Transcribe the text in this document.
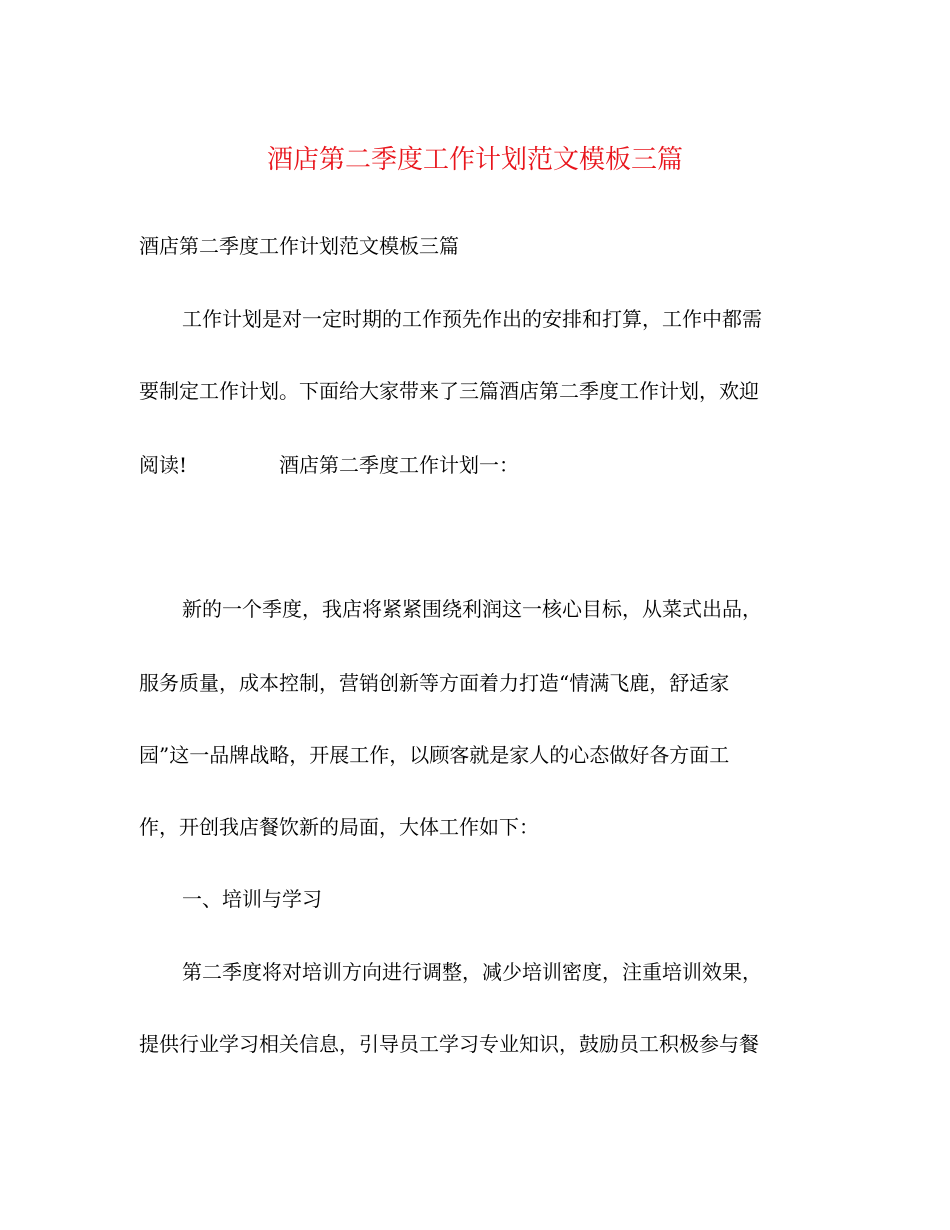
酒店第二季度工作计划范文模板三篇
酒店第二季度工作计划范文模板三篇
工作计划是对一定时期的工作预先作出的安排和打算，工作中都需
要制定工作计划。下面给大家带来了三篇酒店第二季度工作计划，欢迎
阅读!	酒店第二季度工作计划一：
新的一个季度，我店将紧紧围绕利润这一核心目标，从菜式出品，
服务质量，成本控制，营销创新等方面着力打造“情满飞鹿，舒适家
园”这一品牌战略，开展工作，以顾客就是家人的心态做好各方面工
作，开创我店餐饮新的局面，大体工作如下：
一、培训与学习
第二季度将对培训方向进行调整，减少培训密度，注重培训效果，
提供行业学习相关信息，引导员工学习专业知识，鼓励员工积极参与餐
